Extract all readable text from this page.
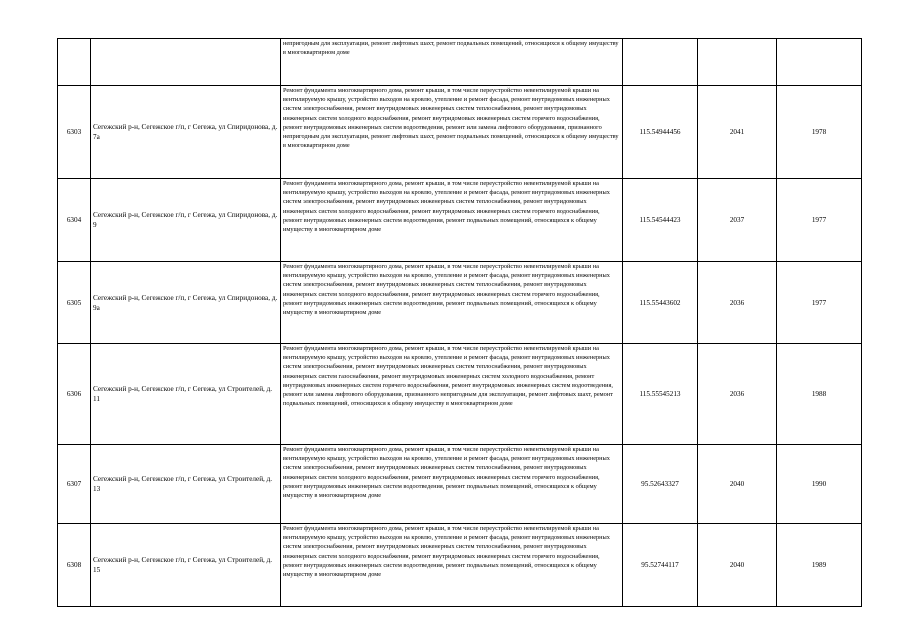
		непригодным для эксплуатации, ремонт лифтовых шахт, ремонт подвальных помещений, относящихся к общему имуществу в многоквартирном доме			
6303	Сегежский р-н, Сегежское г/п, г Сегежа, ул Спиридонова, д. 7а	Ремонт фундамента многоквартирного дома, ремонт крыши, в том числе переустройство невентилируемой крыши на вентилируемую крышу, устройство выходов на кровлю, утепление и ремонт фасада, ремонт внутридомовых инженерных систем электроснабжения, ремонт внутридомовых инженерных систем теплоснабжения, ремонт внутридомовых инженерных систем холодного водоснабжения, ремонт внутридомовых инженерных систем горячего водоснабжения, ремонт внутридомовых инженерных систем водоотведения, ремонт или замена лифтового оборудования, признанного непригодным для эксплуатации, ремонт лифтовых шахт, ремонт подвальных помещений, относящихся к общему имуществу в многоквартирном доме	115.54944456	2041	1978
6304	Сегежский р-н, Сегежское г/п, г Сегежа, ул Спиридонова, д. 9	Ремонт фундамента многоквартирного дома, ремонт крыши, в том числе переустройство невентилируемой крыши на вентилируемую крышу, устройство выходов на кровлю, утепление и ремонт фасада, ремонт внутридомовых инженерных систем электроснабжения, ремонт внутридомовых инженерных систем теплоснабжения, ремонт внутридомовых инженерных систем холодного водоснабжения, ремонт внутридомовых инженерных систем горячего водоснабжения, ремонт внутридомовых инженерных систем водоотведения, ремонт подвальных помещений, относящихся к общему имуществу в многоквартирном доме	115.54544423	2037	1977
6305	Сегежский р-н, Сегежское г/п, г Сегежа, ул Спиридонова, д. 9а	Ремонт фундамента многоквартирного дома, ремонт крыши, в том числе переустройство невентилируемой крыши на вентилируемую крышу, устройство выходов на кровлю, утепление и ремонт фасада, ремонт внутридомовых инженерных систем электроснабжения, ремонт внутридомовых инженерных систем теплоснабжения, ремонт внутридомовых инженерных систем холодного водоснабжения, ремонт внутридомовых инженерных систем горячего водоснабжения, ремонт внутридомовых инженерных систем водоотведения, ремонт подвальных помещений, относящихся к общему имуществу в многоквартирном доме	115.55443602	2036	1977
6306	Сегежский р-н, Сегежское г/п, г Сегежа, ул Строителей, д. 11	Ремонт фундамента многоквартирного дома, ремонт крыши, в том числе переустройство невентилируемой крыши на вентилируемую крышу, устройство выходов на кровлю, утепление и ремонт фасада, ремонт внутридомовых инженерных систем электроснабжения, ремонт внутридомовых инженерных систем теплоснабжения, ремонт внутридомовых инженерных систем газоснабжения, ремонт внутридомовых инженерных систем холодного водоснабжения, ремонт внутридомовых инженерных систем горячего водоснабжения, ремонт внутридомовых инженерных систем водоотведения, ремонт или замена лифтового оборудования, признанного непригодным для эксплуатации, ремонт лифтовых шахт, ремонт подвальных помещений, относящихся к общему имуществу в многоквартирном доме	115.55545213	2036	1988
6307	Сегежский р-н, Сегежское г/п, г Сегежа, ул Строителей, д. 13	Ремонт фундамента многоквартирного дома, ремонт крыши, в том числе переустройство невентилируемой крыши на вентилируемую крышу, устройство выходов на кровлю, утепление и ремонт фасада, ремонт внутридомовых инженерных систем электроснабжения, ремонт внутридомовых инженерных систем теплоснабжения, ремонт внутридомовых инженерных систем холодного водоснабжения, ремонт внутридомовых инженерных систем горячего водоснабжения, ремонт внутридомовых инженерных систем водоотведения, ремонт подвальных помещений, относящихся к общему имуществу в многоквартирном доме	95.52643327	2040	1990
6308	Сегежский р-н, Сегежское г/п, г Сегежа, ул Строителей, д. 15	Ремонт фундамента многоквартирного дома, ремонт крыши, в том числе переустройство невентилируемой крыши на вентилируемую крышу, устройство выходов на кровлю, утепление и ремонт фасада, ремонт внутридомовых инженерных систем электроснабжения, ремонт внутридомовых инженерных систем теплоснабжения, ремонт внутридомовых инженерных систем холодного водоснабжения, ремонт внутридомовых инженерных систем горячего водоснабжения, ремонт внутридомовых инженерных систем водоотведения, ремонт подвальных помещений, относящихся к общему имуществу в многоквартирном доме	95.52744117	2040	1989
